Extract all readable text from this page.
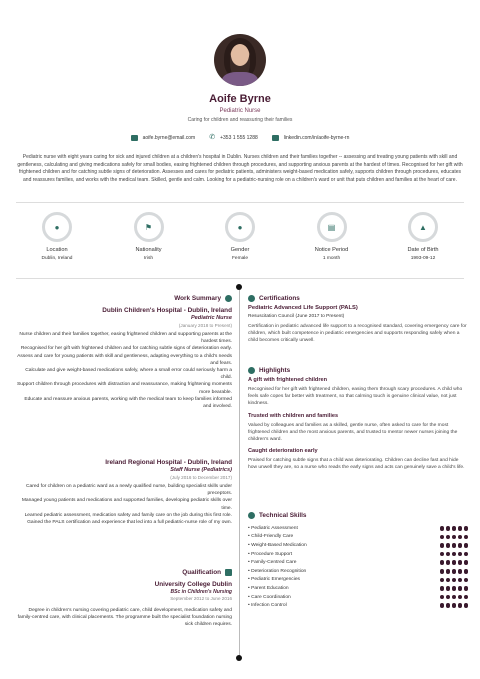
Aoife Byrne
Pediatric Nurse
Caring for children and reassuring their families
aoife.byrne@email.com ✆ +353 1 555 1288	linkedin.com/in/aoife-byrne-rn
Pediatric nurse with eight years caring for sick and injured children at a children's hospital in Dublin. Nurses children and their families together -- assessing and treating young patients with skill and gentleness, calculating and giving medications safely for small bodies, easing frightened children through procedures, and supporting anxious parents at the hardest of times. Recognised for her gift with frightened children and for catching subtle signs of deterioration. Assesses and cares for pediatric patients, administers weight-based medication safely, supports children through procedures, educates and reassures families, and works with the medical team. Skilled, gentle and calm. Looking for a pediatric-nursing role on a children's ward or unit that puts children and families at the heart of care.
●
Location
Dublin, Ireland
⚑
Nationality
Irish
●
Gender
Female
▤
Notice Period
1 month
▲
Date of Birth
1993-09-12
Work Summary
Dublin Children's Hospital - Dublin, Ireland
Pediatric Nurse
(January 2018 to Present)
Nurse children and their families together, easing frightened children and supporting parents at the hardest times.
Recognised for her gift with frightened children and for catching subtle signs of deterioration early.
Assess and care for young patients with skill and gentleness, adapting everything to a child's needs and fears.
Calculate and give weight-based medications safely, where a small error could seriously harm a child.
Support children through procedures with distraction and reassurance, making frightening moments more bearable.
Educate and reassure anxious parents, working with the medical team to keep families informed and involved.
Ireland Regional Hospital - Dublin, Ireland
Staff Nurse (Pediatrics)
(July 2016 to December 2017)
Cared for children on a pediatric ward as a newly qualified nurse, building specialist skills under preceptors.
Managed young patients and medications and supported families, developing pediatric skills over time.
Learned pediatric assessment, medication safety and family care on the job during this first role.
Gained the PALS certification and experience that led into a full pediatric-nurse role of my own.
Qualification
University College Dublin
BSc in Children's Nursing
September 2012 to June 2016
Degree in children's nursing covering pediatric care, child development, medication safety and family-centred care, with clinical placements. The programme built the specialist foundation nursing sick children requires.
Certifications
Pediatric Advanced Life Support (PALS)
Resuscitation Council (June 2017 to Present)
Certification in pediatric advanced life support to a recognised standard, covering emergency care for children, which built competence in pediatric emergencies and supports responding safely when a child becomes critically unwell.
Highlights
A gift with frightened children
Recognised for her gift with frightened children, easing them through scary procedures. A child who feels safe copes far better with treatment, so that calming touch is genuine clinical value, not just kindness.
Trusted with children and families
Valued by colleagues and families as a skilled, gentle nurse, often asked to care for the most frightened children and the most anxious parents, and trusted to mentor newer nurses joining the children's ward.
Caught deterioration early
Praised for catching subtle signs that a child was deteriorating. Children can decline fast and hide how unwell they are, so a nurse who reads the early signs and acts can genuinely save a child's life.
Technical Skills
• Pediatric Assessment
• Child-Friendly Care
• Weight-Based Medication
• Procedure Support
• Family-Centred Care
• Deterioration Recognition
• Pediatric Emergencies
• Parent Education
• Care Coordination
• Infection Control
